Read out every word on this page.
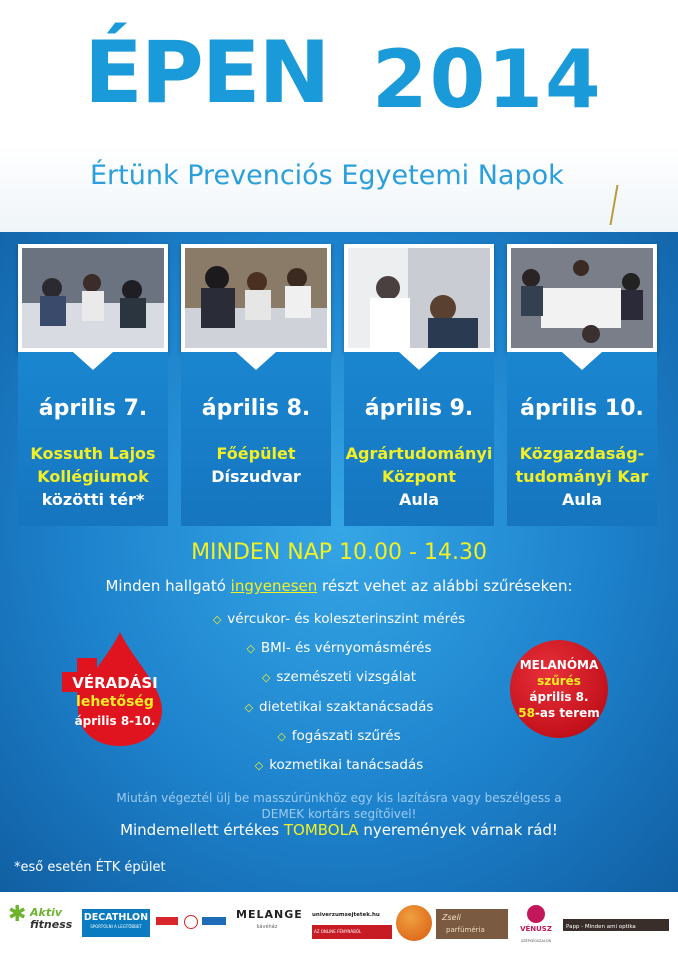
ÉPEN 2014
Értünk Prevenciós Egyetemi Napok
április 7.
Kossuth Lajos
Kollégiumok
közötti tér*
április 8.
Főépület
Díszudvar
április 9.
Agrártudományi
Központ
Aula
április 10.
Közgazdaság-
tudományi Kar
Aula
MINDEN NAP 10.00 - 14.30
Minden hallgató ingyenesen részt vehet az alábbi szűréseken:
◇ vércukor- és koleszterinszint mérés
◇ BMI- és vérnyomásmérés
◇ szemészeti vizsgálat
◇ dietetikai szaktanácsadás
◇ fogászati szűrés
◇ kozmetikai tanácsadás
VÉRADÁSI
lehetőség
április 8-10.
MELANÓMA
szűrés
április 8.
58-as terem
Miután végeztél ülj be masszúrünkhöz egy kis lazításra vagy beszélgess a
DEMEK kortárs segítőivel!
Mindemellett értékes TOMBOLA nyeremények várnak rád!
*eső esetén ÉTK épület
✱ Aktiv
fitness
DECATHLON
SPORTOLNI A LEGTÖBBET
MELANGE
kávéház
univerzumsejtetek.hu
AZ ONLINE FÉNYNÁBÓL
Zseli
parfüméria	VÉNUSZ
SZÉPSÉGSZALON
Papp - Minden ami optika
